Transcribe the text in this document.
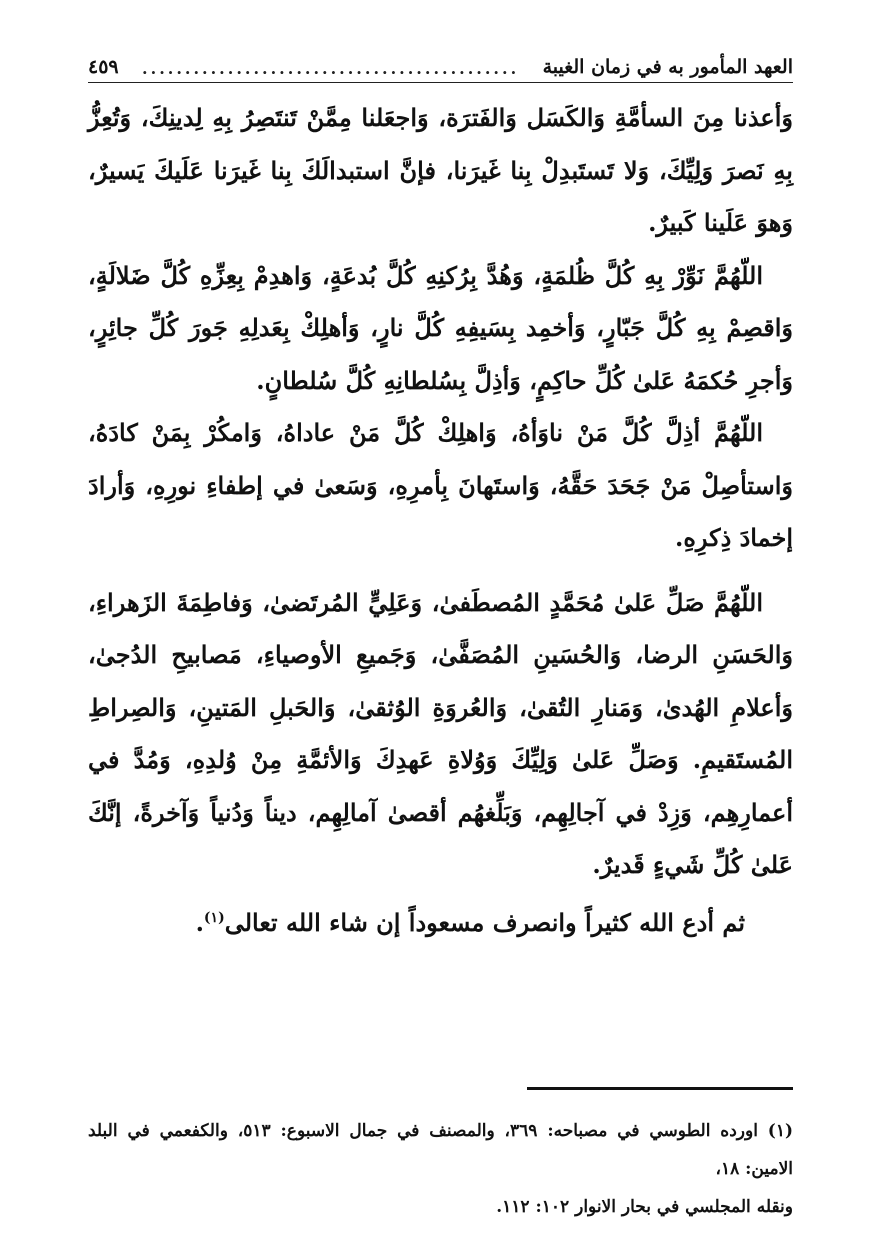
العهد المأمور به في زمان الغيبة
............................................
٤٥٩

وَأعذنا مِنَ السأمَّةِ وَالكَسَل وَالفَترَة، وَاجعَلنا مِمَّنْ تَنتَصِرُ بِهِ لِدينِكَ، وَتُعِزُّ بِهِ نَصرَ وَلِيِّكَ، وَلا تَستَبدِلْ بِنا غَيرَنا، فإنَّ استبدالَكَ بِنا غَيرَنا عَلَيكَ يَسيرٌ، وَهوَ عَلَينا كَبيرٌ.

اللّهُمَّ نَوِّرْ بِهِ كُلَّ ظُلمَةٍ، وَهُدَّ بِرُكنِهِ كُلَّ بُدعَةٍ، وَاهدِمْ بِعِزِّهِ كُلَّ ضَلالَةٍ، وَاقصِمْ بِهِ كُلَّ جَبّارٍ، وَأخمِد بِسَيفِهِ كُلَّ نارٍ، وَأهلِكْ بِعَدلِهِ جَورَ كُلِّ جائِرٍ، وَأجرِ حُكمَهُ عَلىٰ كُلِّ حاكِمٍ، وَأذِلَّ بِسُلطانِهِ كُلَّ سُلطانٍ.

اللّهُمَّ أذِلَّ كُلَّ مَنْ ناوَأهُ، وَاهلِكْ كُلَّ مَنْ عاداهُ، وَامكُرْ بِمَنْ كادَهُ، وَاستأصِلْ مَنْ جَحَدَ حَقَّهُ، وَاستَهانَ بِأمرِهِ، وَسَعىٰ في إطفاءِ نورِهِ، وَأرادَ إخمادَ ذِكرِهِ.

اللّهُمَّ صَلِّ عَلىٰ مُحَمَّدٍ المُصطَفىٰ، وَعَلِيٍّ المُرتَضىٰ، وَفاطِمَةَ الزَهراءِ، وَالحَسَنِ الرضا، وَالحُسَينِ المُصَفَّىٰ، وَجَميعِ الأوصياءِ، مَصابيحِ الدُجىٰ، وَأعلامِ الهُدىٰ، وَمَنارِ التُقىٰ، وَالعُروَةِ الوُثقىٰ، وَالحَبلِ المَتينِ، وَالصِراطِ المُستَقيمِ. وَصَلِّ عَلىٰ وَلِيِّكَ وَوُلاةِ عَهدِكَ وَالأئمَّةِ مِنْ وُلدِهِ، وَمُدَّ في أعمارِهِم، وَزِدْ في آجالِهِم، وَبَلِّغهُم أقصىٰ آمالِهِم، ديناً وَدُنياً وَآخرةً، إنَّكَ عَلىٰ كُلِّ شَيءٍ قَديرٌ.

ثم أدع الله كثيراً وانصرف مسعوداً إن شاء الله تعالى$^{(١)}$.

(١) اورده الطوسي في مصباحه: ٣٦٩، والمصنف في جمال الاسبوع: ٥١٣، والكفعمي في البلد الامين: ١٨،

ونقله المجلسي في بحار الانوار ١٠٢: ١١٢.
